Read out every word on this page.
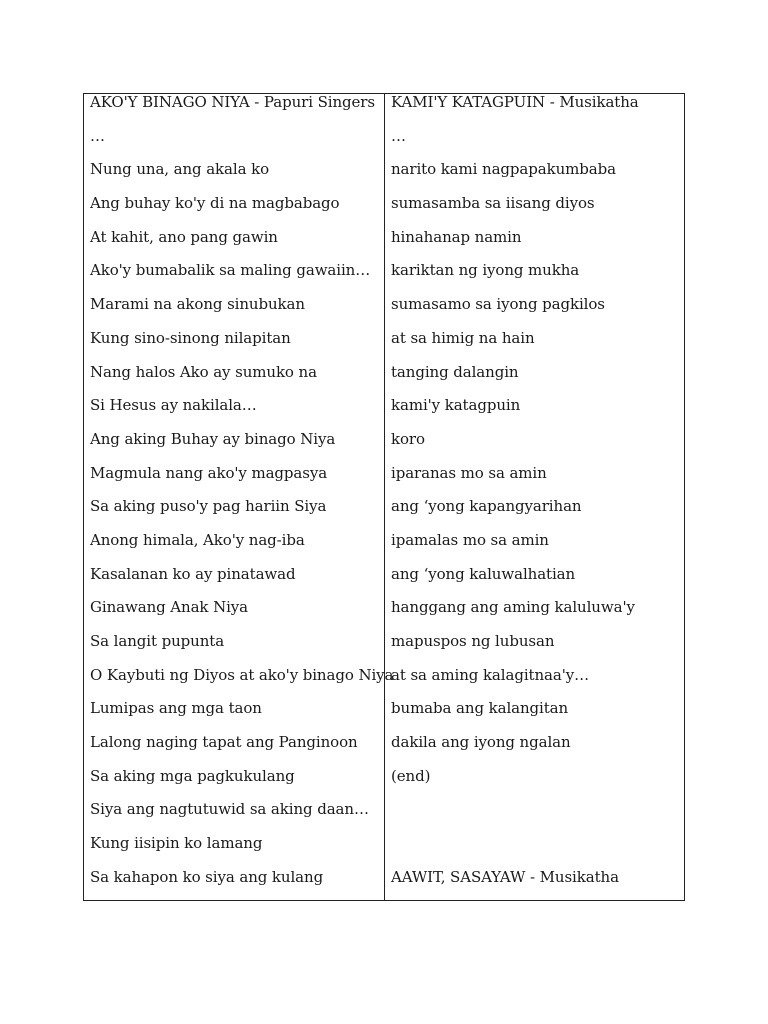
AKO'Y BINAGO NIYA - Papuri Singers
…
Nung una, ang akala ko
Ang buhay ko'y di na magbabago
At kahit, ano pang gawin
Ako'y bumabalik sa maling gawaiin…
Marami na akong sinubukan
Kung sino-sinong nilapitan
Nang halos Ako ay sumuko na
Si Hesus ay nakilala…
Ang aking Buhay ay binago Niya
Magmula nang ako'y magpasya
Sa aking puso'y pag hariin Siya
Anong himala, Ako'y nag-iba
Kasalanan ko ay pinatawad
Ginawang Anak Niya
Sa langit pupunta
O Kaybuti ng Diyos at ako'y binago Niya
Lumipas ang mga taon
Lalong naging tapat ang Panginoon
Sa aking mga pagkukulang
Siya ang nagtutuwid sa aking daan…
Kung iisipin ko lamang
Sa kahapon ko siya ang kulang
KAMI'Y KATAGPUIN - Musikatha
…
narito kami nagpapakumbaba
sumasamba sa iisang diyos
hinahanap namin
kariktan ng iyong mukha
sumasamo sa iyong pagkilos
at sa himig na hain
tanging dalangin
kami'y katagpuin
koro
iparanas mo sa amin
ang ‘yong kapangyarihan
ipamalas mo sa amin
ang ‘yong kaluwalhatian
hanggang ang aming kaluluwa'y
mapuspos ng lubusan
at sa aming kalagitnaa'y…
bumaba ang kalangitan
dakila ang iyong ngalan
(end)
AAWIT, SASAYAW - Musikatha
